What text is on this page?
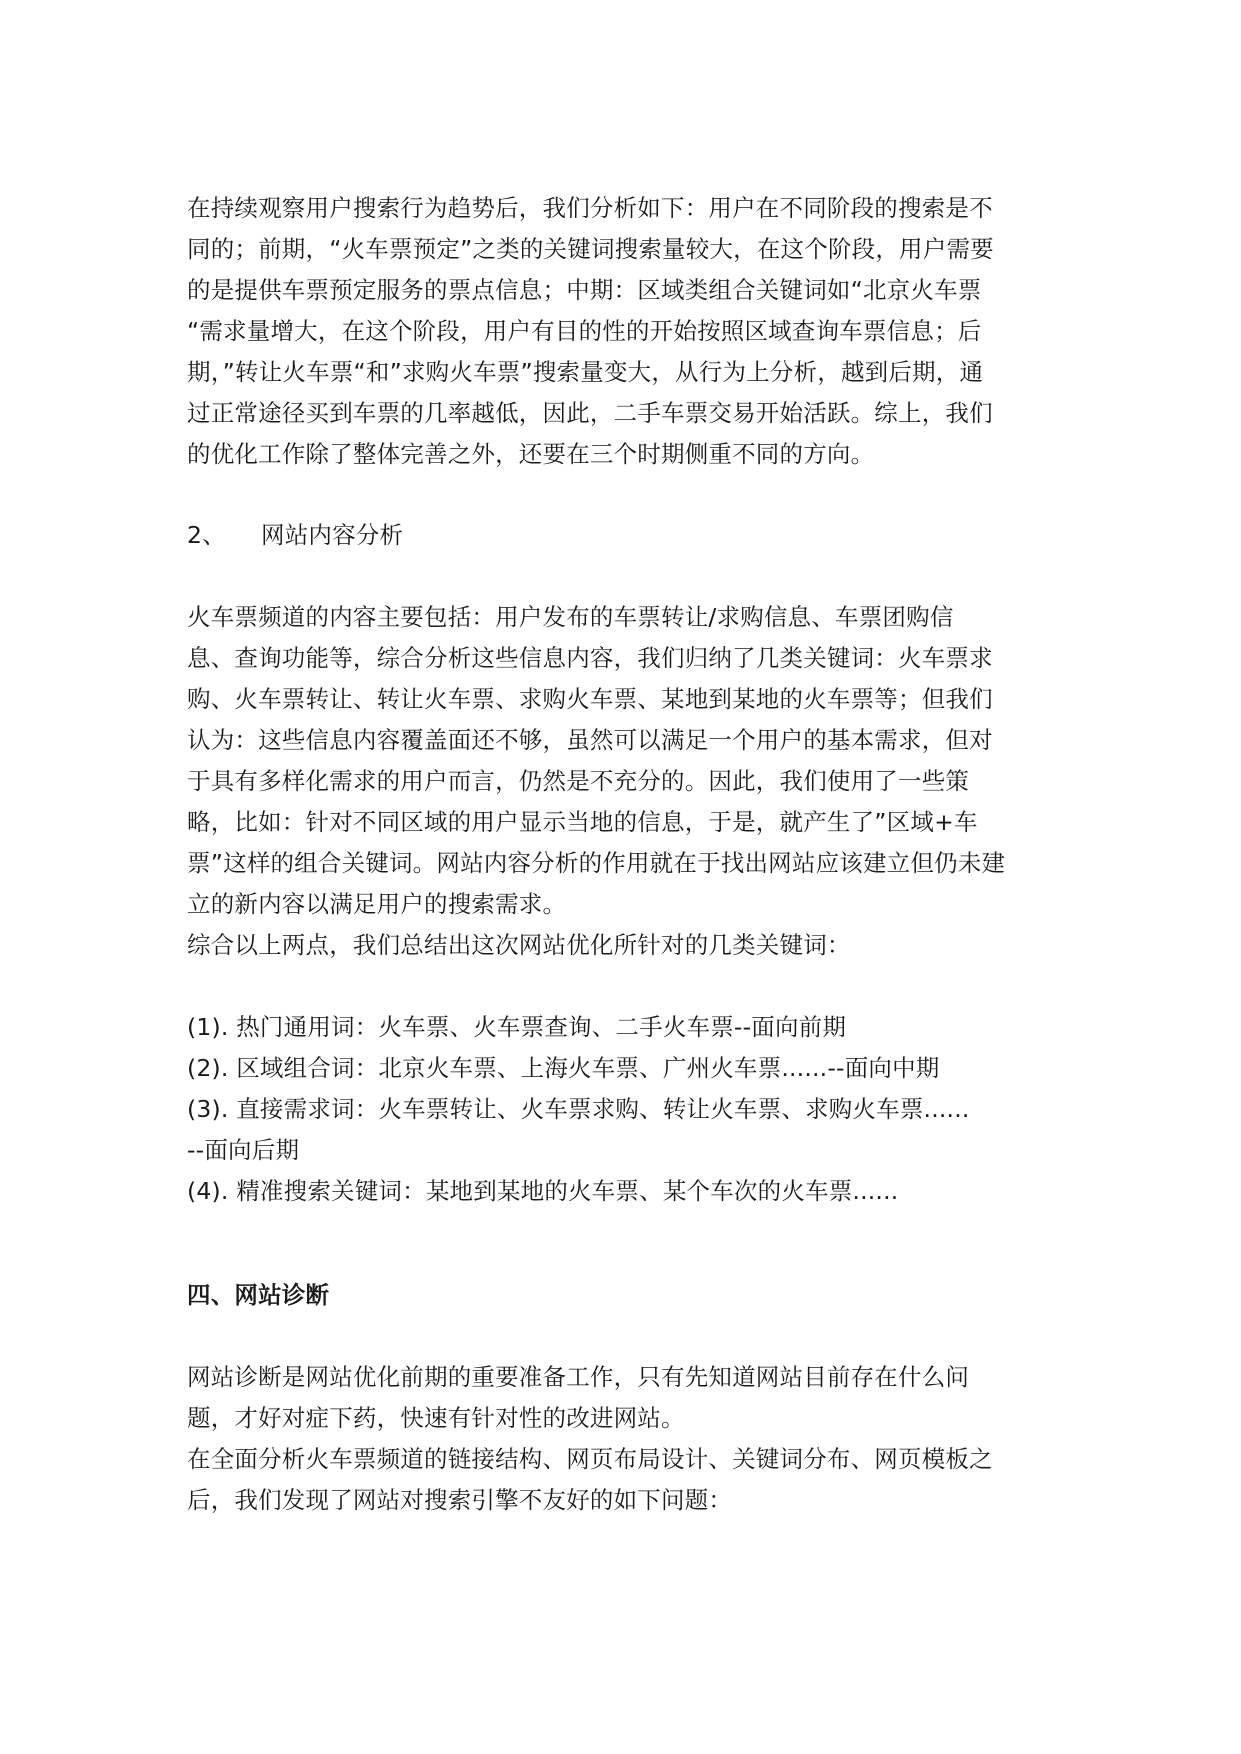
在持续观察用户搜索行为趋势后，我们分析如下：用户在不同阶段的搜索是不
同的；前期，“火车票预定”之类的关键词搜索量较大，在这个阶段，用户需要
的是提供车票预定服务的票点信息；中期：区域类组合关键词如“北京火车票
“需求量增大，在这个阶段，用户有目的性的开始按照区域查询车票信息；后
期，”转让火车票“和”求购火车票”搜索量变大，从行为上分析，越到后期，通
过正常途径买到车票的几率越低，因此，二手车票交易开始活跃。综上，我们
的优化工作除了整体完善之外，还要在三个时期侧重不同的方向。
2、 网站内容分析
火车票频道的内容主要包括：用户发布的车票转让/求购信息、车票团购信
息、查询功能等，综合分析这些信息内容，我们归纳了几类关键词：火车票求
购、火车票转让、转让火车票、求购火车票、某地到某地的火车票等；但我们
认为：这些信息内容覆盖面还不够，虽然可以满足一个用户的基本需求，但对
于具有多样化需求的用户而言，仍然是不充分的。因此，我们使用了一些策
略，比如：针对不同区域的用户显示当地的信息，于是，就产生了”区域+车
票”这样的组合关键词。网站内容分析的作用就在于找出网站应该建立但仍未建
立的新内容以满足用户的搜索需求。
综合以上两点，我们总结出这次网站优化所针对的几类关键词：
(1). 热门通用词：火车票、火车票查询、二手火车票--面向前期
(2). 区域组合词：北京火车票、上海火车票、广州火车票......--面向中期
(3). 直接需求词：火车票转让、火车票求购、转让火车票、求购火车票......
--面向后期
(4). 精准搜索关键词：某地到某地的火车票、某个车次的火车票......
四、网站诊断
网站诊断是网站优化前期的重要准备工作，只有先知道网站目前存在什么问
题，才好对症下药，快速有针对性的改进网站。
在全面分析火车票频道的链接结构、网页布局设计、关键词分布、网页模板之
后，我们发现了网站对搜索引擎不友好的如下问题：
